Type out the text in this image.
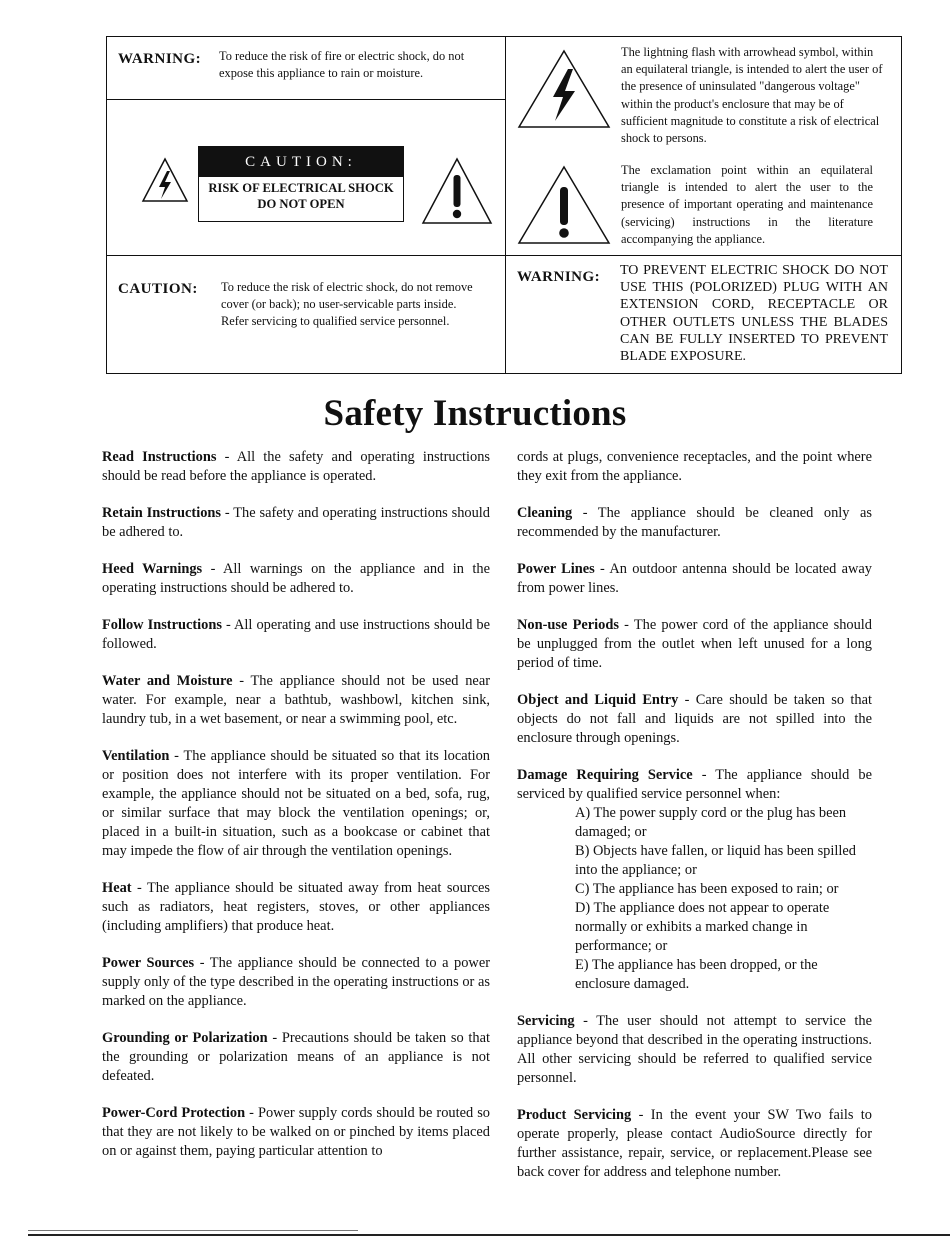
WARNING: To reduce the risk of fire or electric shock, do not expose this appliance to rain or moisture.
CAUTION:
RISK OF ELECTRICAL SHOCK
DO NOT OPEN
The lightning flash with arrowhead symbol, within an equilateral triangle, is intended to alert the user of the presence of uninsulated "dangerous voltage" within the product's enclosure that may be of sufficient magnitude to constitute a risk of electrical shock to persons.
The exclamation point within an equilateral triangle is intended to alert the user to the presence of important operating and maintenance (servicing) instructions in the literature accompanying the appliance.
CAUTION: To reduce the risk of electric shock, do not remove cover (or back); no user-servicable parts inside. Refer servicing to qualified service personnel.
WARNING: TO PREVENT ELECTRIC SHOCK DO NOT USE THIS (POLORIZED) PLUG WITH AN EXTENSION CORD, RECEPTACLE OR OTHER OUTLETS UNLESS THE BLADES CAN BE FULLY INSERTED TO PREVENT BLADE EXPOSURE.
Safety Instructions

Read Instructions - All the safety and operating instructions should be read before the appliance is operated.

Retain Instructions - The safety and operating instructions should be adhered to.

Heed Warnings - All warnings on the appliance and in the operating instructions should be adhered to.

Follow Instructions - All operating and use instructions should be followed.

Water and Moisture - The appliance should not be used near water. For example, near a bathtub, washbowl, kitchen sink, laundry tub, in a wet basement, or near a swimming pool, etc.

Ventilation - The appliance should be situated so that its location or position does not interfere with its proper ventilation. For example, the appliance should not be situated on a bed, sofa, rug, or similar surface that may block the ventilation openings; or, placed in a built-in situation, such as a bookcase or cabinet that may impede the flow of air through the ventilation openings.

Heat - The appliance should be situated away from heat sources such as radiators, heat registers, stoves, or other appliances (including amplifiers) that produce heat.

Power Sources - The appliance should be connected to a power supply only of the type described in the operating instructions or as marked on the appliance.

Grounding or Polarization - Precautions should be taken so that the grounding or polarization means of an appliance is not defeated.

Power-Cord Protection - Power supply cords should be routed so that they are not likely to be walked on or pinched by items placed on or against them, paying particular attention to

cords at plugs, convenience receptacles, and the point where they exit from the appliance.

Cleaning - The appliance should be cleaned only as recommended by the manufacturer.

Power Lines - An outdoor antenna should be located away from power lines.

Non-use Periods - The power cord of the appliance should be unplugged from the outlet when left unused for a long period of time.

Object and Liquid Entry - Care should be taken so that objects do not fall and liquids are not spilled into the enclosure through openings.

Damage Requiring Service - The appliance should be serviced by qualified service personnel when:

A) The power supply cord or the plug has been damaged; or

B) Objects have fallen, or liquid has been spilled into the appliance; or

C) The appliance has been exposed to rain; or

D) The appliance does not appear to operate normally or exhibits a marked change in performance; or

E) The appliance has been dropped, or the enclosure damaged.

Servicing - The user should not attempt to service the appliance beyond that described in the operating instructions. All other servicing should be referred to qualified service personnel.

Product Servicing - In the event your SW Two fails to operate properly, please contact AudioSource directly for further assistance, repair, service, or replacement.Please see back cover for address and telephone number.
